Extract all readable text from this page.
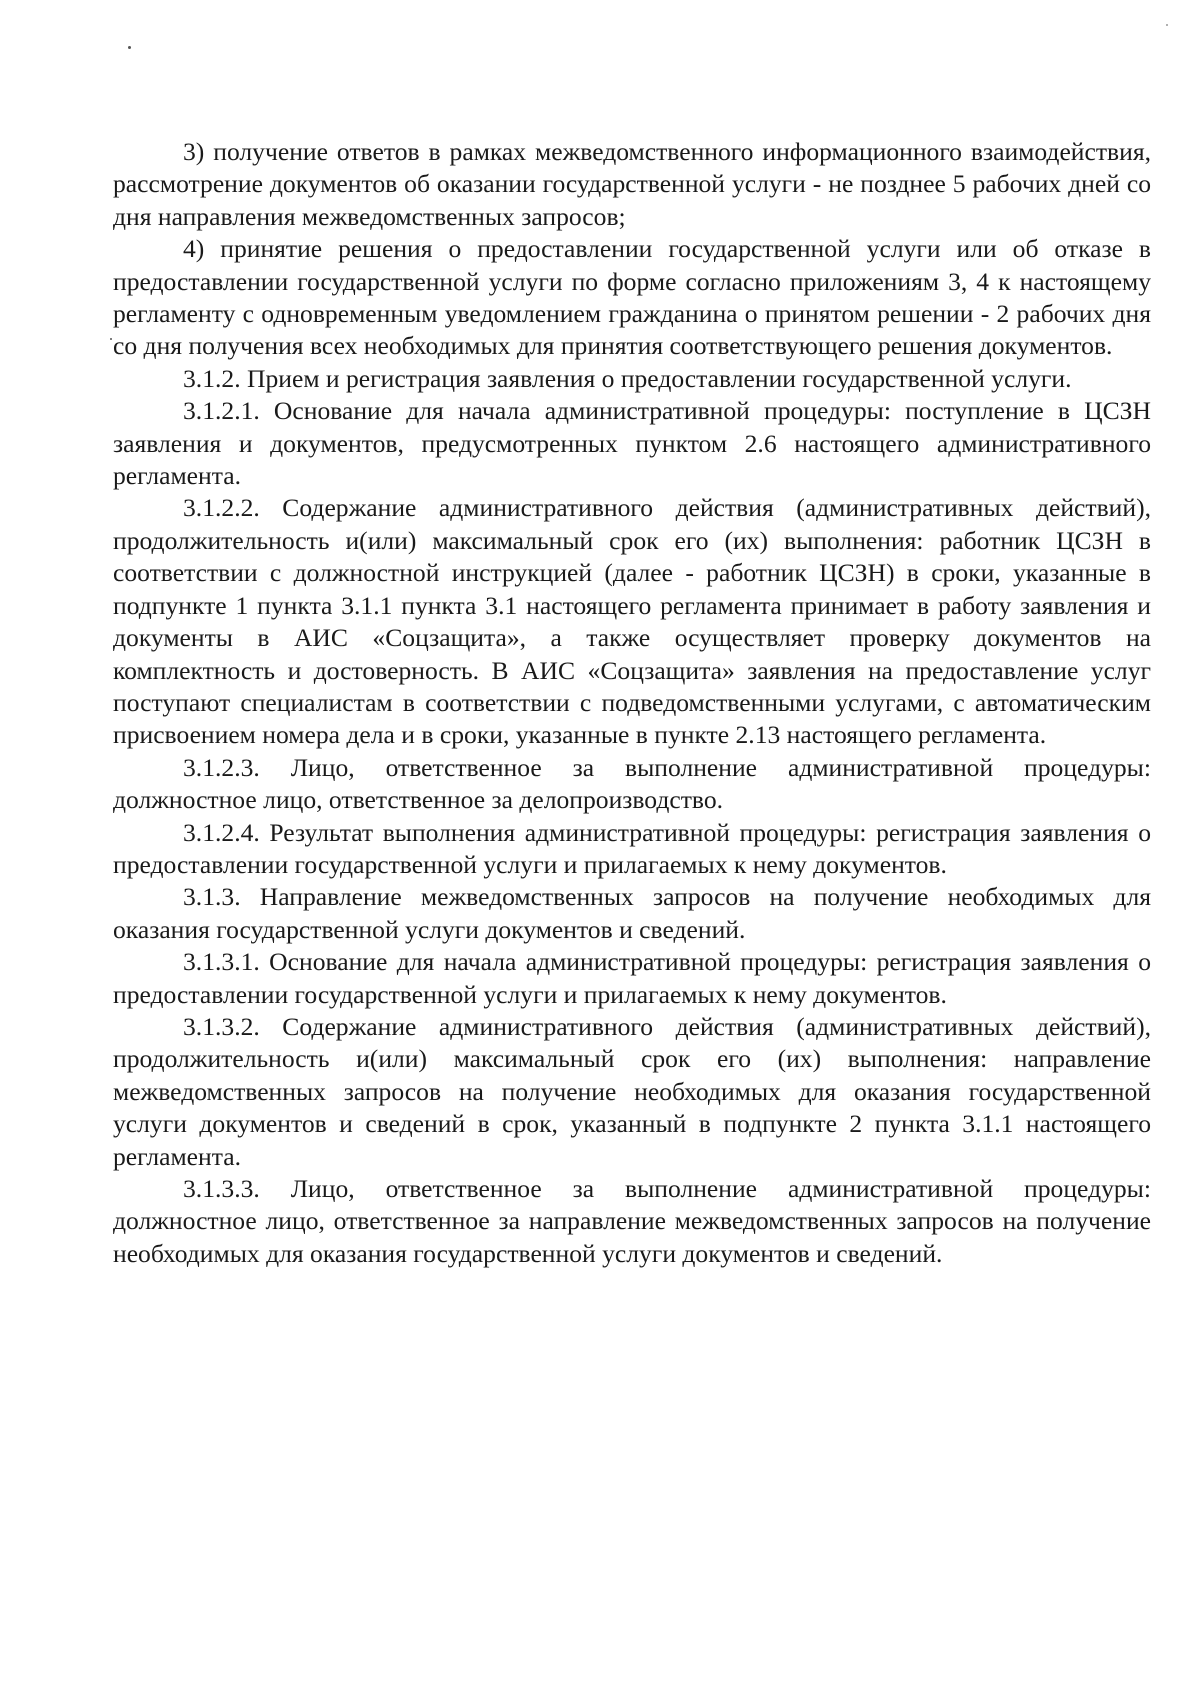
3) получение ответов в рамках межведомственного информационного взаимодействия, рассмотрение документов об оказании государственной услуги - не позднее 5 рабочих дней со дня направления межведомственных запросов;

4) принятие решения о предоставлении государственной услуги или об отказе в предоставлении государственной услуги по форме согласно приложениям 3, 4 к настоящему регламенту с одновременным уведомлением гражданина о принятом решении - 2 рабочих дня со дня получения всех необходимых для принятия соответствующего решения документов.

3.1.2. Прием и регистрация заявления о предоставлении государственной услуги.

3.1.2.1. Основание для начала административной процедуры: поступление в ЦСЗН заявления и документов, предусмотренных пунктом 2.6 настоящего административного регламента.

3.1.2.2. Содержание административного действия (административных действий), продолжительность и(или) максимальный срок его (их) выполнения: работник ЦСЗН в соответствии с должностной инструкцией (далее - работник ЦСЗН) в сроки, указанные в подпункте 1 пункта 3.1.1 пункта 3.1 настоящего регламента принимает в работу заявления и документы в АИС «Соцзащита», а также осуществляет проверку документов на комплектность и достоверность. В АИС «Соцзащита» заявления на предоставление услуг поступают специалистам в соответствии с подведомственными услугами, с автоматическим присвоением номера дела и в сроки, указанные в пункте 2.13 настоящего регламента.

3.1.2.3. Лицо, ответственное за выполнение административной процедуры: должностное лицо, ответственное за делопроизводство.

3.1.2.4. Результат выполнения административной процедуры: регистрация заявления о предоставлении государственной услуги и прилагаемых к нему документов.

3.1.3. Направление межведомственных запросов на получение необходимых для оказания государственной услуги документов и сведений.

3.1.3.1. Основание для начала административной процедуры: регистрация заявления о предоставлении государственной услуги и прилагаемых к нему документов.

3.1.3.2. Содержание административного действия (административных действий), продолжительность и(или) максимальный срок его (их) выполнения: направление межведомственных запросов на получение необходимых для оказания государственной услуги документов и сведений в срок, указанный в подпункте 2 пункта 3.1.1 настоящего регламента.

3.1.3.3. Лицо, ответственное за выполнение административной процедуры: должностное лицо, ответственное за направление межведомственных запросов на получение необходимых для оказания государственной услуги документов и сведений.
